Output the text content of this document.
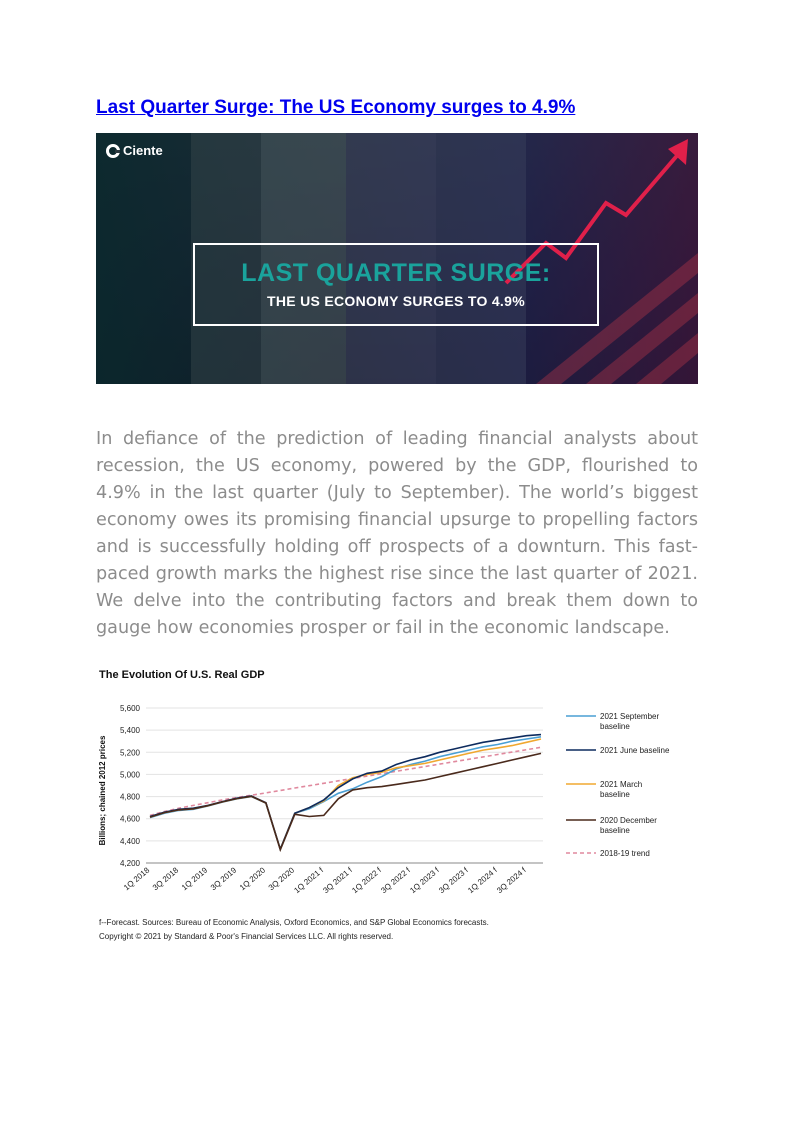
Last Quarter Surge: The US Economy surges to 4.9%
Ciente
LAST QUARTER SURGE:
THE US ECONOMY SURGES TO 4.9%

In defiance of the prediction of leading financial analysts about recession, the US economy, powered by the GDP, flourished to 4.9% in the last quarter (July to September). The world’s biggest economy owes its promising financial upsurge to propelling factors and is successfully holding off prospects of a downturn. This fast-paced growth marks the highest rise since the last quarter of 2021. We delve into the contributing factors and break them down to gauge how economies prosper or fail in the economic landscape.

The Evolution Of U.S. Real GDP
4,200
4,400
4,600
4,800
5,000
5,200
5,400
5,600
Billions; chained 2012 prices
1Q 2018 3Q 2018 1Q 2019 3Q 2019 1Q 2020 3Q 2020
1Q 2021 f
3Q 2021 f
1Q 2022 f
3Q 2022 f
1Q 2023 f
3Q 2023 f
1Q 2024 f
3Q 2024 f
2021 September baseline
2021 June baseline
2021 March baseline
2020 December baseline
2018-19 trend
f--Forecast. Sources: Bureau of Economic Analysis, Oxford Economics, and S&P Global Economics forecasts.
Copyright © 2021 by Standard & Poor's Financial Services LLC. All rights reserved.
